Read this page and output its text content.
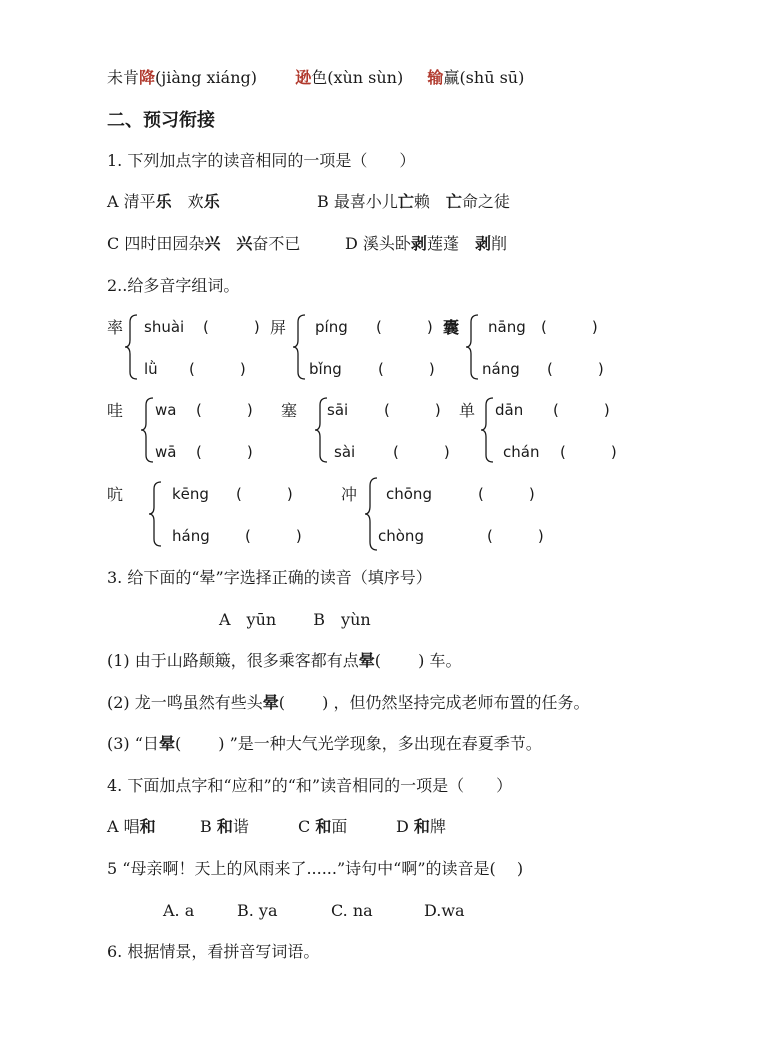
未肯降(jiàng xiáng) 逊色(xùn sùn) 输赢(shū sū)
二、预习衔接
1. 下列加点字的读音相同的一项是（　　）
A 清平乐　欢乐	B 最喜小儿亡赖　亡命之徒
C 四时田园杂兴　 兴奋不已	D 溪头卧剥莲蓬　剥削
2..给多音字组词。
率 shuài (　　　)
lǜ (　　　)
屏 píng (　　　)
bǐng (　　　)
囊 nāng (　　　)
náng (　　　)
哇 wa (　　　)
wā (　　　)
塞 sāi (　　　)
sài	(　　　)
单 dān (　　　)
chán (　　　)
吭	kēng (　　　)
háng (　　　)
冲 chōng	(　　　)
chòng	(　　　)
3. 给下面的“晕”字选择正确的读音（填序号）
A　yūn　　 B　yùn
(1) 由于山路颠簸，很多乘客都有点晕(　　 ) 车。
(2) 龙一鸣虽然有些头晕(　　 ) ，但仍然坚持完成老师布置的任务。
(3) “日晕(　　 ) ”是一种大气光学现象，多出现在春夏季节。
4. 下面加点字和“应和”的“和”读音相同的一项是（　　）
A 唱和	B 和谐	C 和面	D 和牌
5 “母亲啊！天上的风雨来了......”诗句中“啊”的读音是(　 )
A. a	B. ya	C. na	D.wa
6. 根据情景，看拼音写词语。
